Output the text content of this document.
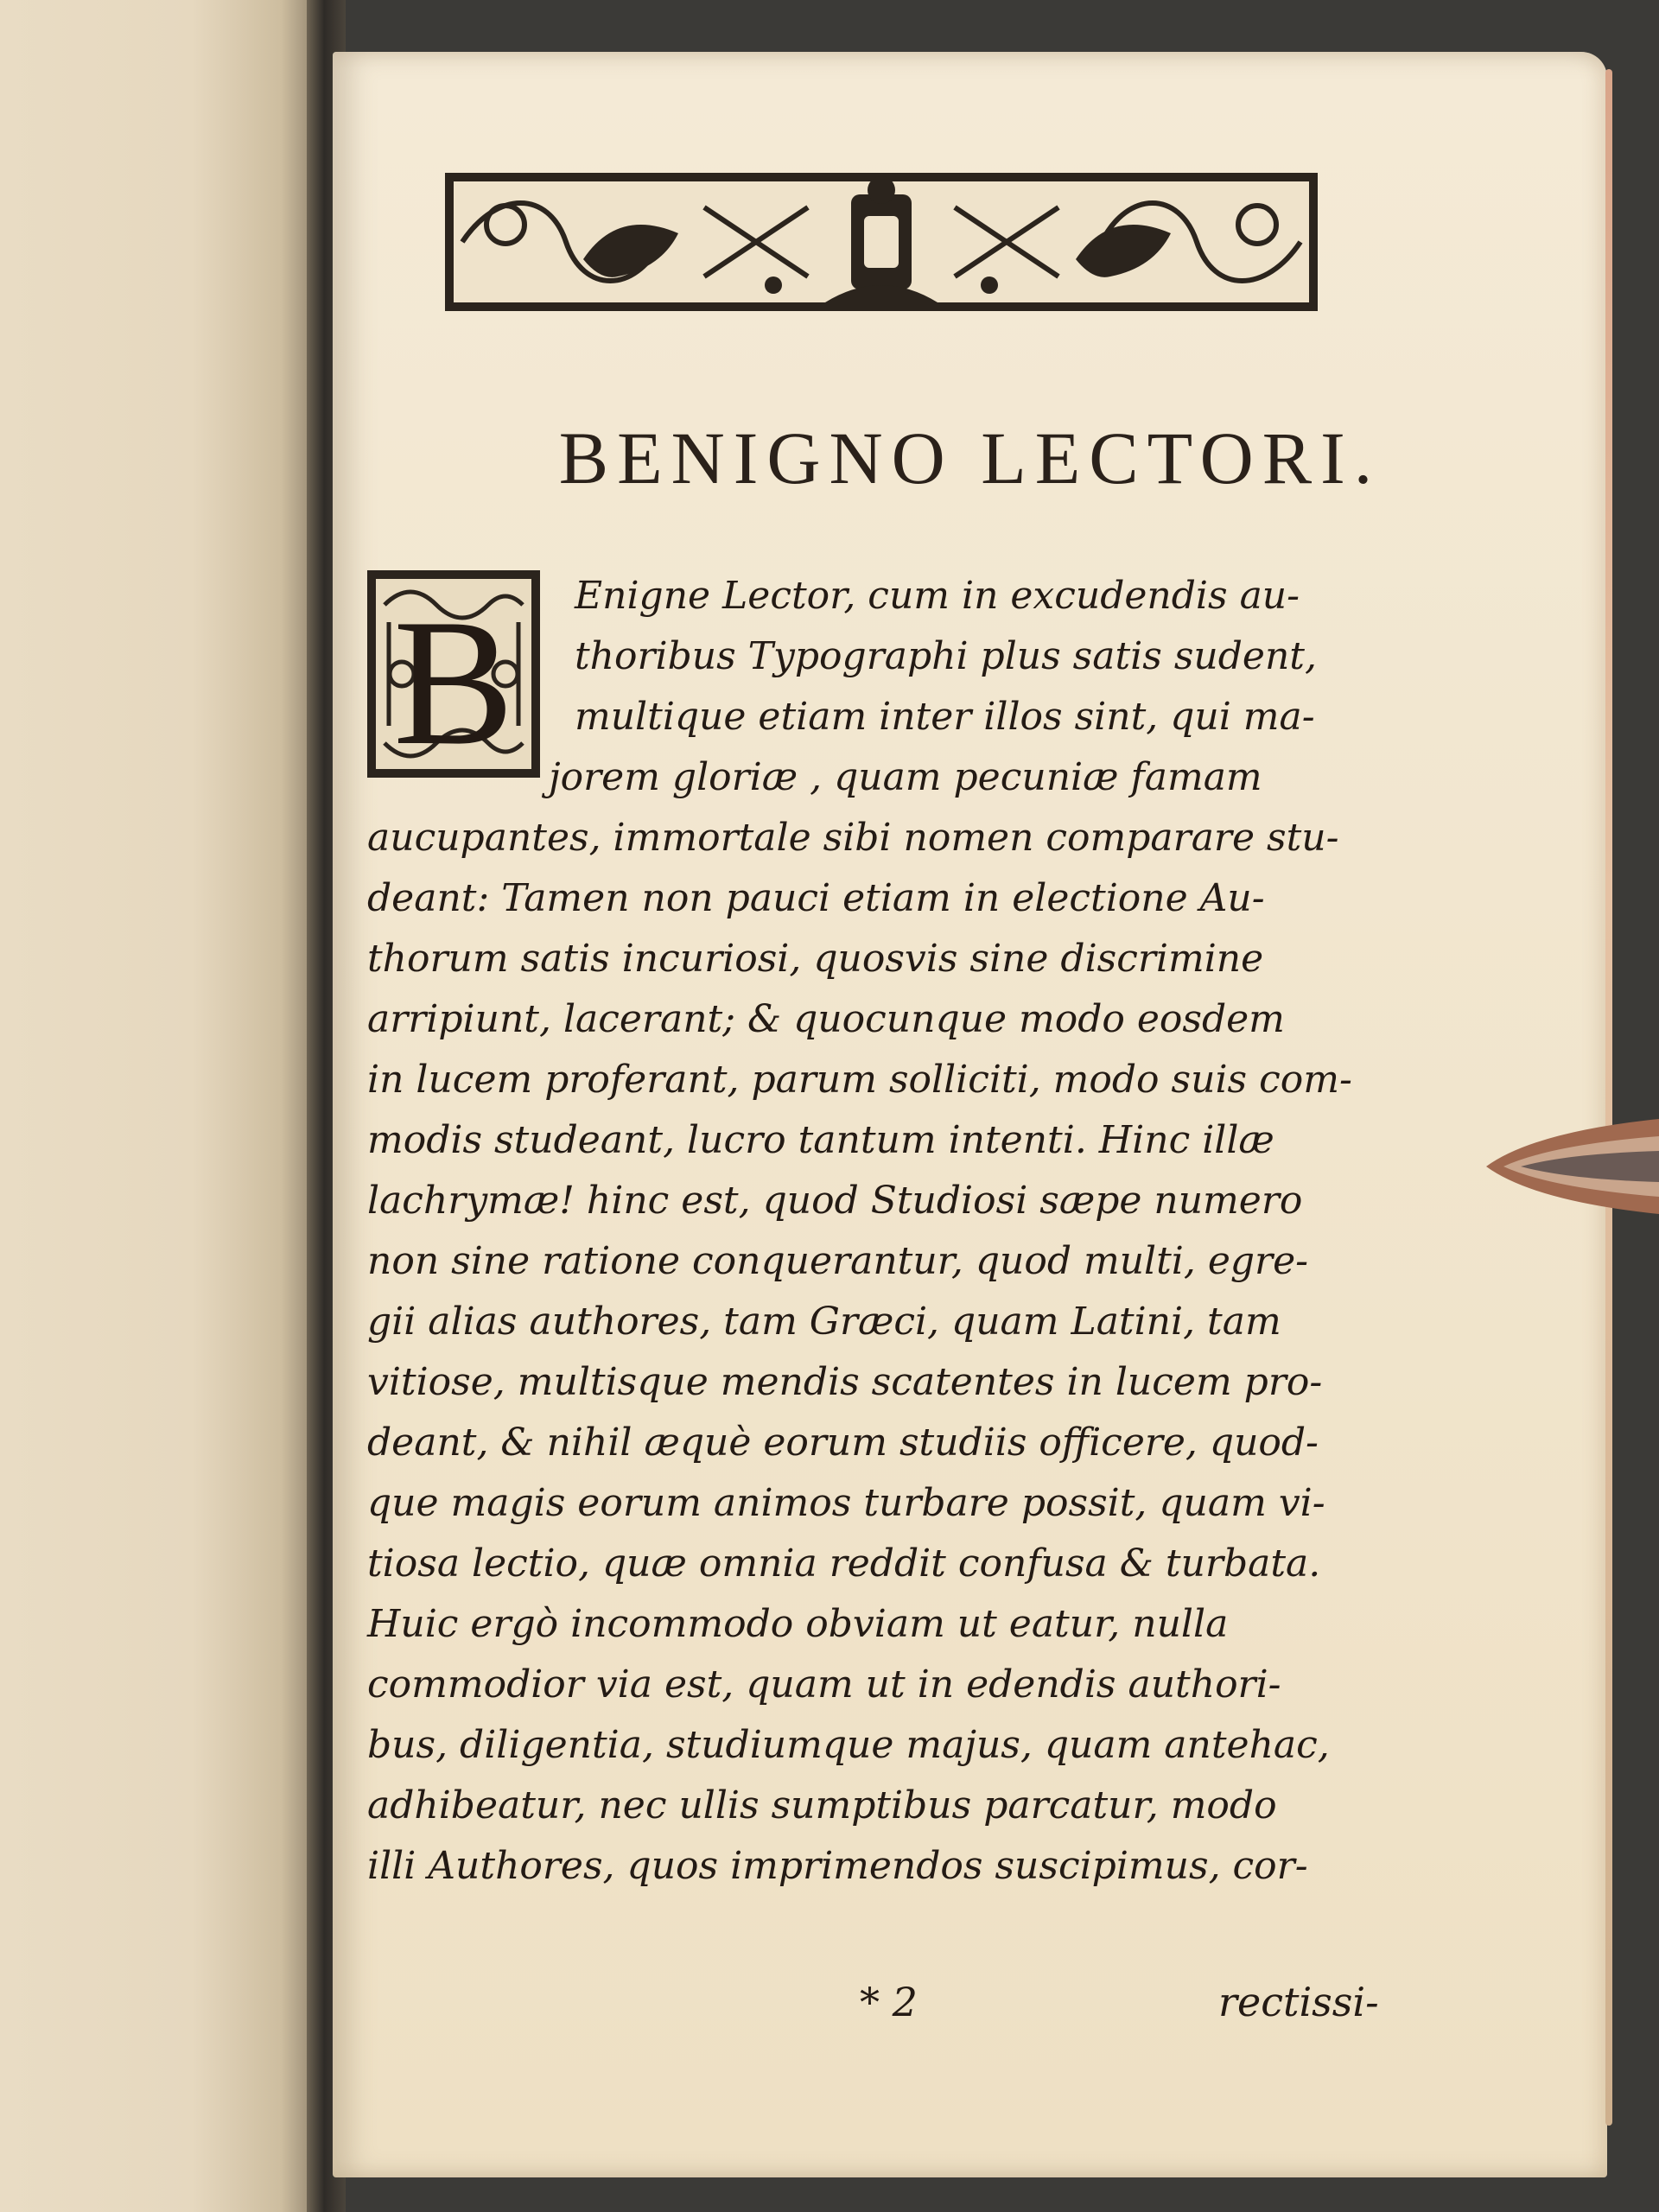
BENIGNO LECTORI.
B Enigne Lector, cum in excudendis au-
thoribus Typographi plus satis sudent,
multique etiam inter illos sint, qui ma-
jorem gloriæ , quam pecuniæ famam
aucupantes, immortale sibi nomen comparare stu-
deant: Tamen non pauci etiam in electione Au-
thorum satis incuriosi, quosvis sine discrimine
arripiunt, lacerant; & quocunque modo eosdem
in lucem proferant, parum solliciti, modo suis com-
modis studeant, lucro tantum intenti. Hinc illæ
lachrymæ! hinc est, quod Studiosi sæpe numero
non sine ratione conquerantur, quod multi, egre-
gii alias authores, tam Græci, quam Latini, tam
vitiose, multisque mendis scatentes in lucem pro-
deant, & nihil æquè eorum studiis officere, quod-
que magis eorum animos turbare possit, quam vi-
tiosa lectio, quæ omnia reddit confusa & turbata.
Huic ergò incommodo obviam ut eatur, nulla
commodior via est, quam ut in edendis authori-
bus, diligentia, studiumque majus, quam antehac,
adhibeatur, nec ullis sumptibus parcatur, modo
illi Authores, quos imprimendos suscipimus, cor-
* 2	rectissi-
